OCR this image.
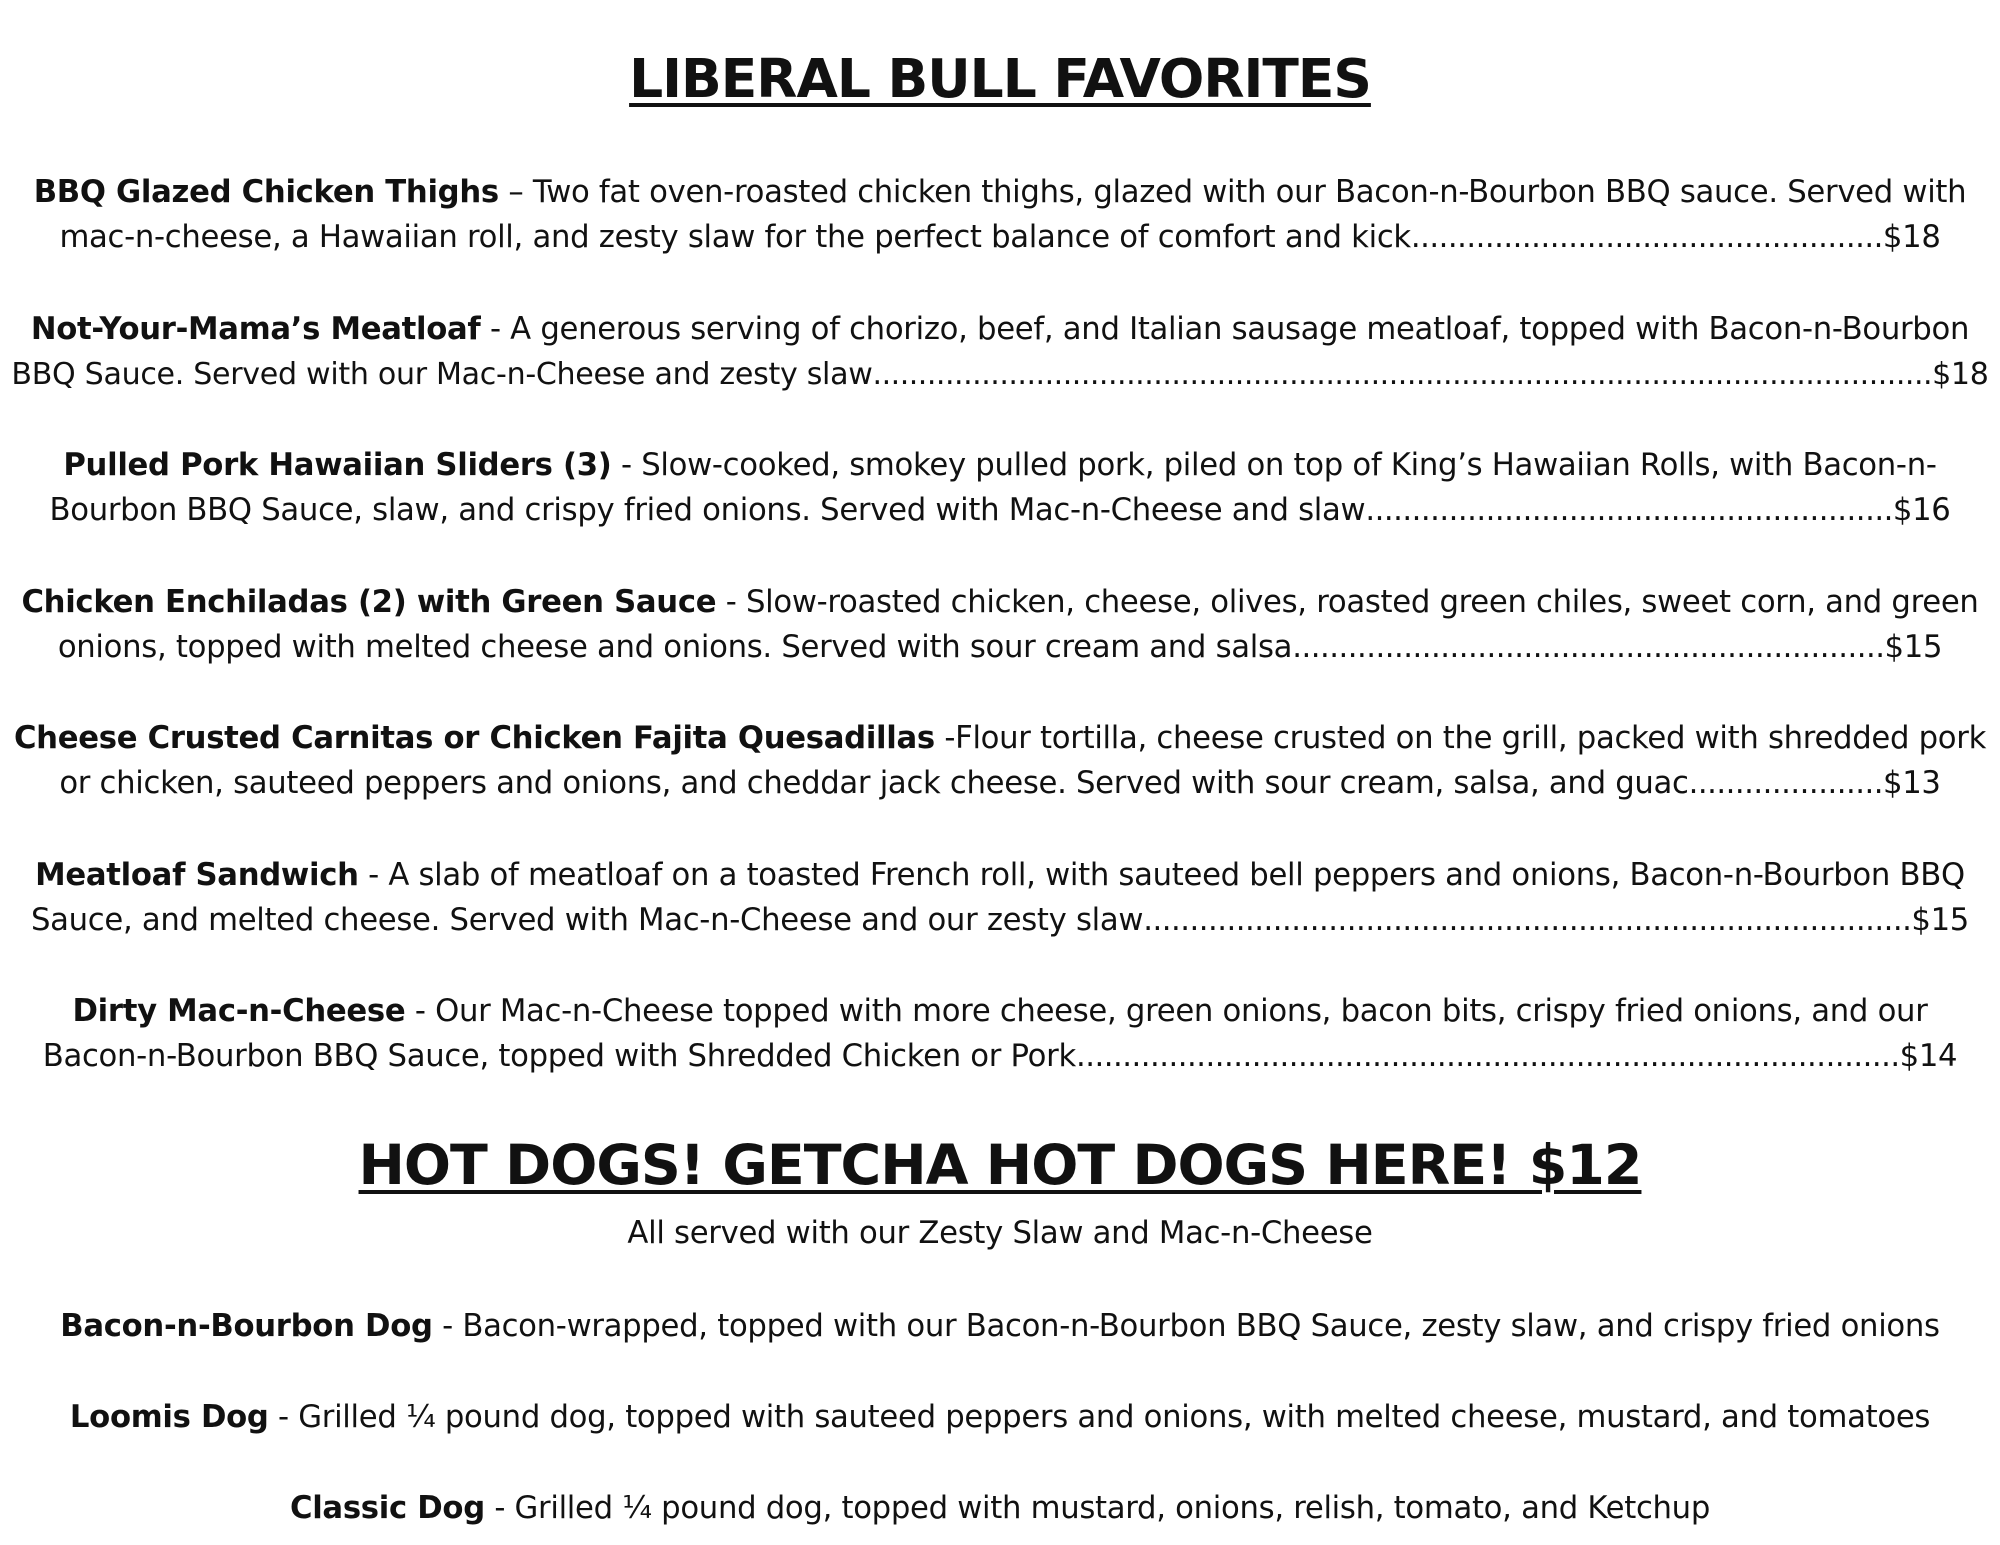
LIBERAL BULL FAVORITES
BBQ Glazed Chicken Thighs – Two fat oven-roasted chicken thighs, glazed with our Bacon-n-Bourbon BBQ sauce. Served with
mac-n-cheese, a Hawaiian roll, and zesty slaw for the perfect balance of comfort and kick...................................................$18
Not-Your-Mama’s Meatloaf - A generous serving of chorizo, beef, and Italian sausage meatloaf, topped with Bacon-n-Bourbon
BBQ Sauce. Served with our Mac-n-Cheese and zesty slaw.....................................................................................................................$18
Pulled Pork Hawaiian Sliders (3) - Slow-cooked, smokey pulled pork, piled on top of King’s Hawaiian Rolls, with Bacon-n-
Bourbon BBQ Sauce, slaw, and crispy fried onions. Served with Mac-n-Cheese and slaw.........................................................$16
Chicken Enchiladas (2) with Green Sauce - Slow-roasted chicken, cheese, olives, roasted green chiles, sweet corn, and green
onions, topped with melted cheese and onions. Served with sour cream and salsa................................................................$15
Cheese Crusted Carnitas or Chicken Fajita Quesadillas -Flour tortilla, cheese crusted on the grill, packed with shredded pork
or chicken, sauteed peppers and onions, and cheddar jack cheese. Served with sour cream, salsa, and guac.....................$13
Meatloaf Sandwich - A slab of meatloaf on a toasted French roll, with sauteed bell peppers and onions, Bacon-n-Bourbon BBQ
Sauce, and melted cheese. Served with Mac-n-Cheese and our zesty slaw...................................................................................$15
Dirty Mac-n-Cheese - Our Mac-n-Cheese topped with more cheese, green onions, bacon bits, crispy fried onions, and our
Bacon-n-Bourbon BBQ Sauce, topped with Shredded Chicken or Pork.........................................................................................$14
HOT DOGS! GETCHA HOT DOGS HERE! $12
All served with our Zesty Slaw and Mac-n-Cheese
Bacon-n-Bourbon Dog - Bacon-wrapped, topped with our Bacon-n-Bourbon BBQ Sauce, zesty slaw, and crispy fried onions
Loomis Dog - Grilled ¼ pound dog, topped with sauteed peppers and onions, with melted cheese, mustard, and tomatoes
Classic Dog - Grilled ¼ pound dog, topped with mustard, onions, relish, tomato, and Ketchup
